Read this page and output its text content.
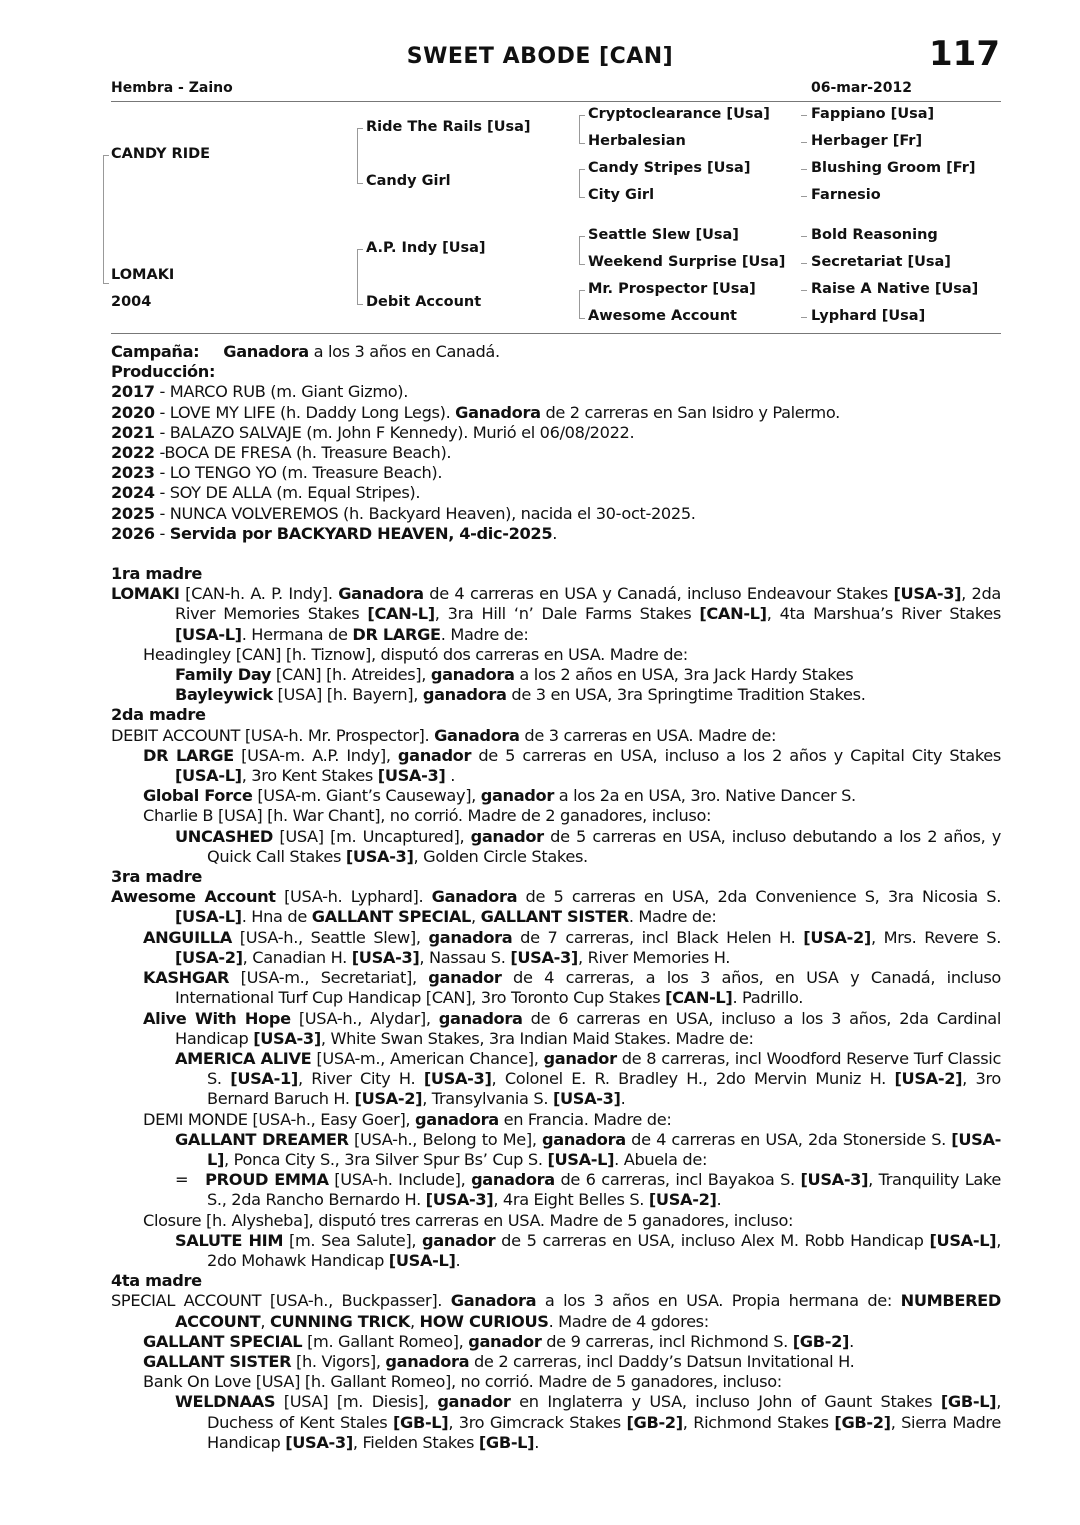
SWEET ABODE [CAN]	117
Hembra - Zaino	06-mar-2012
CANDY RIDE
LOMAKI
2004
Ride The Rails [Usa]
Candy Girl
A.P. Indy [Usa]
Debit Account
Cryptoclearance [Usa]
Herbalesian
Candy Stripes [Usa]
City Girl
Seattle Slew [Usa]
Weekend Surprise [Usa]
Mr. Prospector [Usa]
Awesome Account
Fappiano [Usa]
Herbager [Fr]
Blushing Groom [Fr]
Farnesio
Bold Reasoning
Secretariat [Usa]
Raise A Native [Usa]
Lyphard [Usa]

Campaña: Ganadora a los 3 años en Canadá.

Producción:

2017 - MARCO RUB (m. Giant Gizmo).

2020 - LOVE MY LIFE (h. Daddy Long Legs). Ganadora de 2 carreras en San Isidro y Palermo.

2021 - BALAZO SALVAJE (m. John F Kennedy). Murió el 06/08/2022.

2022 -BOCA DE FRESA (h. Treasure Beach).

2023 - LO TENGO YO (m. Treasure Beach).

2024 - SOY DE ALLA (m. Equal Stripes).

2025 - NUNCA VOLVEREMOS (h. Backyard Heaven), nacida el 30-oct-2025.

2026 - Servida por BACKYARD HEAVEN, 4-dic-2025.

1ra madre

LOMAKI [CAN-h. A. P. Indy]. Ganadora de 4 carreras en USA y Canadá, incluso Endeavour Stakes [USA-3], 2da River Memories Stakes [CAN-L], 3ra Hill ‘n’ Dale Farms Stakes [CAN-L], 4ta Marshua’s River Stakes [USA-L]. Hermana de DR LARGE. Madre de:

Headingley [CAN] [h. Tiznow], disputó dos carreras en USA. Madre de:

Family Day [CAN] [h. Atreides], ganadora a los 2 años en USA, 3ra Jack Hardy Stakes

Bayleywick [USA] [h. Bayern], ganadora de 3 en USA, 3ra Springtime Tradition Stakes.

2da madre

DEBIT ACCOUNT [USA-h. Mr. Prospector]. Ganadora de 3 carreras en USA. Madre de:

DR LARGE [USA-m. A.P. Indy], ganador de 5 carreras en USA, incluso a los 2 años y Capital City Stakes [USA-L], 3ro Kent Stakes [USA-3] .

Global Force [USA-m. Giant’s Causeway], ganador a los 2a en USA, 3ro. Native Dancer S.

Charlie B [USA] [h. War Chant], no corrió. Madre de 2 ganadores, incluso:

UNCASHED [USA] [m. Uncaptured], ganador de 5 carreras en USA, incluso debutando a los 2 años, y Quick Call Stakes [USA-3], Golden Circle Stakes.

3ra madre

Awesome Account [USA-h. Lyphard]. Ganadora de 5 carreras en USA, 2da Convenience S, 3ra Nicosia S. [USA-L]. Hna de GALLANT SPECIAL, GALLANT SISTER. Madre de:

ANGUILLA [USA-h., Seattle Slew], ganadora de 7 carreras, incl Black Helen H. [USA-2], Mrs. Revere S. [USA-2], Canadian H. [USA-3], Nassau S. [USA-3], River Memories H.

KASHGAR [USA-m., Secretariat], ganador de 4 carreras, a los 3 años, en USA y Canadá, incluso International Turf Cup Handicap [CAN], 3ro Toronto Cup Stakes [CAN-L]. Padrillo.

Alive With Hope [USA-h., Alydar], ganadora de 6 carreras en USA, incluso a los 3 años, 2da Cardinal Handicap [USA-3], White Swan Stakes, 3ra Indian Maid Stakes. Madre de:

AMERICA ALIVE [USA-m., American Chance], ganador de 8 carreras, incl Woodford Reserve Turf Classic S. [USA-1], River City H. [USA-3], Colonel E. R. Bradley H., 2do Mervin Muniz H. [USA-2], 3ro Bernard Baruch H. [USA-2], Transylvania S. [USA-3].

DEMI MONDE [USA-h., Easy Goer], ganadora en Francia. Madre de:

GALLANT DREAMER [USA-h., Belong to Me], ganadora de 4 carreras en USA, 2da Stonerside S. [USA-L], Ponca City S., 3ra Silver Spur Bs’ Cup S. [USA-L]. Abuela de:

=   PROUD EMMA [USA-h. Include], ganadora de 6 carreras, incl Bayakoa S. [USA-3], Tranquility Lake S., 2da Rancho Bernardo H. [USA-3], 4ra Eight Belles S. [USA-2].

Closure [h. Alysheba], disputó tres carreras en USA. Madre de 5 ganadores, incluso:

SALUTE HIM [m. Sea Salute], ganador de 5 carreras en USA, incluso Alex M. Robb Handicap [USA-L], 2do Mohawk Handicap [USA-L].

4ta madre

SPECIAL ACCOUNT [USA-h., Buckpasser]. Ganadora a los 3 años en USA. Propia hermana de: NUMBERED ACCOUNT, CUNNING TRICK, HOW CURIOUS. Madre de 4 gdores:

GALLANT SPECIAL [m. Gallant Romeo], ganador de 9 carreras, incl Richmond S. [GB-2].

GALLANT SISTER [h. Vigors], ganadora de 2 carreras, incl Daddy’s Datsun Invitational H.

Bank On Love [USA] [h. Gallant Romeo], no corrió. Madre de 5 ganadores, incluso:

WELDNAAS [USA] [m. Diesis], ganador en Inglaterra y USA, incluso John of Gaunt Stakes [GB-L], Duchess of Kent Stales [GB-L], 3ro Gimcrack Stakes [GB-2], Richmond Stakes [GB-2], Sierra Madre Handicap [USA-3], Fielden Stakes [GB-L].
